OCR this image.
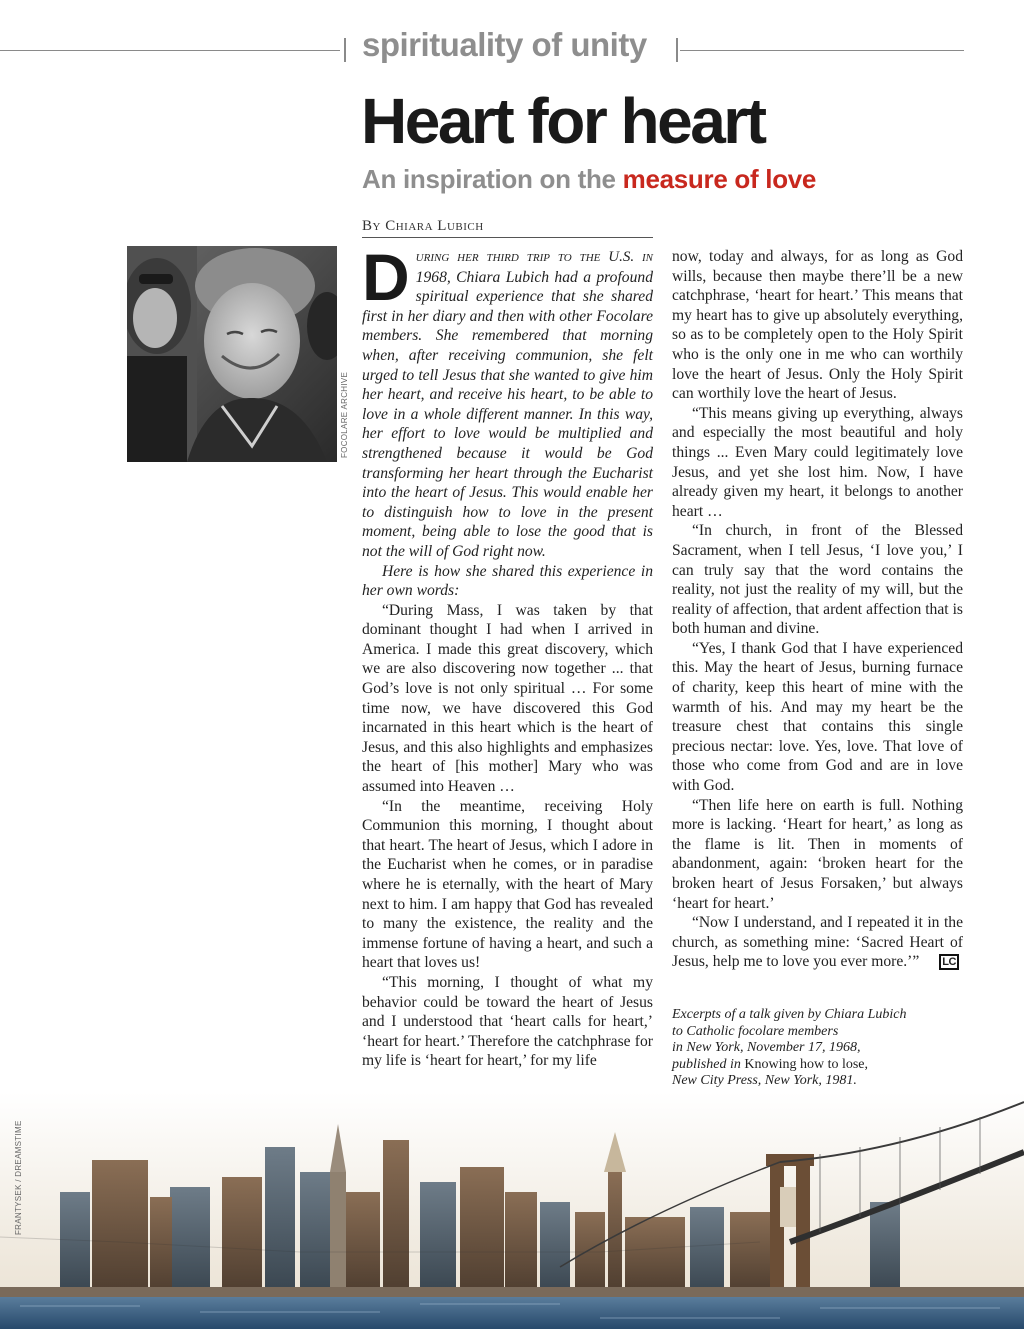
spirituality of unity
Heart for heart
An inspiration on the measure of love
By Chiara Lubich
FOCOLARE ARCHIVE

During her third trip to the U.S. in 1968, Chiara Lubich had a profound spiritual experience that she shared first in her diary and then with other Focolare members. She remembered that morning when, after receiving communion, she felt urged to tell Jesus that she wanted to give him her heart, and receive his heart, to be able to love in a whole different manner. In this way, her effort to love would be multiplied and strengthened because it would be God transforming her heart through the Eucharist into the heart of Jesus. This would enable her to distinguish how to love in the present moment, being able to lose the good that is not the will of God right now.

Here is how she shared this experience in her own words:

“During Mass, I was taken by that dominant thought I had when I arrived in America. I made this great discovery, which we are also discovering now together ... that God’s love is not only spiritual … For some time now, we have discovered this God incarnated in this heart which is the heart of Jesus, and this also highlights and emphasizes the heart of [his mother] Mary who was assumed into Heaven …

“In the meantime, receiving Holy Communion this morning, I thought about that heart. The heart of Jesus, which I adore in the Eucharist when he comes, or in paradise where he is eternally, with the heart of Mary next to him. I am happy that God has revealed to many the existence, the reality and the immense fortune of having a heart, and such a heart that loves us!

“This morning, I thought of what my behavior could be toward the heart of Jesus and I understood that ‘heart calls for heart,’ ‘heart for heart.’ Therefore the catchphrase for my life is ‘heart for heart,’ for my life

now, today and always, for as long as God wills, because then maybe there’ll be a new catchphrase, ‘heart for heart.’ This means that my heart has to give up absolutely everything, so as to be completely open to the Holy Spirit who is the only one in me who can worthily love the heart of Jesus. Only the Holy Spirit can worthily love the heart of Jesus.

“This means giving up everything, always and especially the most beautiful and holy things ... Even Mary could legitimately love Jesus, and yet she lost him. Now, I have already given my heart, it belongs to another heart …

“In church, in front of the Blessed Sacrament, when I tell Jesus, ‘I love you,’ I can truly say that the word contains the reality, not just the reality of my will, but the reality of affection, that ardent affection that is both human and divine.

“Yes, I thank God that I have experienced this. May the heart of Jesus, burning furnace of charity, keep this heart of mine with the warmth of his. And may my heart be the treasure chest that contains this single precious nectar: love. Yes, love. That love of those who come from God and are in love with God.

“Then life here on earth is full. Nothing more is lacking. ‘Heart for heart,’ as long as the flame is lit. Then in moments of abandonment, again: ‘broken heart for the broken heart of Jesus Forsaken,’ but always ‘heart for heart.’

“Now I understand, and I repeated it in the church, as something mine: ‘Sacred Heart of Jesus, help me to love you ever more.’” LC

Excerpts of a talk given by Chiara Lubich
to Catholic focolare members
in New York, November 17, 1968,
published in Knowing how to lose,
New City Press, New York, 1981.
FRANTYSEK / DREAMSTIME
